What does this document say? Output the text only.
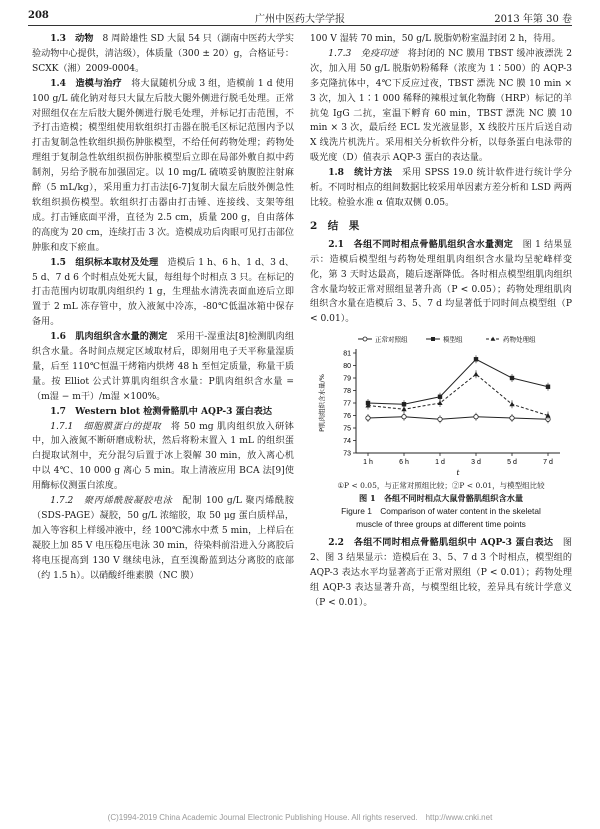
208	广州中医药大学学报	2013 年第 30 卷

1.3　动物　 8 周龄雄性 SD 大鼠 54 只（湖南中医药大学实验动物中心提供，清洁级），体质量（300 ± 20）g，合格证号：SCXK（湘）2009-0004。

1.4　造模与治疗　 将大鼠随机分成 3 组，造模前 1 d 使用 100 g/L 硫化钠对每只大鼠左后肢大腿外侧进行脱毛处理。正常对照组仅在左后肢大腿外侧进行脱毛处理，并标记打击范围，不予打击造模；模型组使用软组织打击器在脱毛区标记范围内予以打击复制急性软组织损伤肿胀模型，不给任何药物处理；药物处理组于复制急性软组织损伤肿胀模型后立即在局部外敷自拟中药制剂，另给予脱布加强固定。以 10 mg/L 硫喷妥钠腹腔注射麻醉（5 mL/kg），采用重力打击法[6-7]复制大鼠左后肢外侧急性软组织损伤模型。软组织打击器由打击锤、连接线、支架等组成。打击锤底面平滑，直径为 2.5 cm，质量 200 g，自由落体的高度为 20 cm，连续打击 3 次。造模成功后肉眼可见打击部位肿胀和皮下瘀血。

1.5　组织标本取材及处理　 造模后 1 h、6 h、1 d、3 d、5 d、7 d 6 个时相点处死大鼠，每组每个时相点 3 只。在标记的打击范围内切取肌肉组织约 1 g，生理盐水清洗表面血迹后立即置于 2 mL 冻存管中，放入液氮中冷冻，-80℃低温冰箱中保存备用。

1.6　肌肉组织含水量的测定　 采用干-湿重法[8]检测肌肉组织含水量。各时间点规定区域取材后，即刻用电子天平称量湿质量，后至 110℃恒温干烤箱内烘烤 48 h 至恒定质量，称量干质量。按 Elliot 公式计算肌肉组织含水量：P肌肉组织含水量 = （m湿 − m干）/m湿 ×100%。

1.7　Western blot 检测骨骼肌中 AQP-3 蛋白表达

1.7.1　细胞膜蛋白的提取　 将 50 mg 肌肉组织放入研钵中，加入液氮不断研磨成粉状，然后将粉末置入 1 mL 的组织蛋白提取试剂中，充分混匀后置于冰上裂解 30 min，放入离心机中以 4℃、10 000 g 离心 5 min。取上清液应用 BCA 法[9]使用酶标仪测蛋白浓度。

1.7.2　聚丙烯酰胺凝胶电泳　 配制 100 g/L 聚丙烯酰胺（SDS-PAGE）凝胶，50 g/L 浓缩胶，取 50 μg 蛋白质样品，加入等容积上样缓冲液中，经 100℃沸水中煮 5 min，上样后在凝胶上加 85 V 电压稳压电泳 30 min，待染料前沿进入分离胶后将电压提高到 130 V 继续电泳，直至溴酚蓝到达分离胶的底部（约 1.5 h）。以硝酸纤维素膜（NC 膜）

100 V 湿转 70 min，50 g/L 脱脂奶粉室温封闭 2 h，待用。

1.7.3　免疫印迹　 将封闭的 NC 膜用 TBST 缓冲液漂洗 2 次，加入用 50 g/L 脱脂奶粉稀释（浓度为 1∶500）的 AQP-3 多克隆抗体中，4℃下反应过夜，TBST 漂洗 NC 膜 10 min × 3 次，加入 1∶1 000 稀释的辣根过氧化物酶（HRP）标记的羊抗兔 IgG 二抗，室温下孵育 60 min，TBST 漂洗 NC 膜 10 min × 3 次，最后经 ECL 发光液显影，X 线胶片压片后送自动 X 线洗片机洗片。采用相关分析软件分析，以每条蛋白电泳带的吸光度（D）值表示 AQP-3 蛋白的表达量。

1.8　统计方法　 采用 SPSS 19.0 统计软件进行统计学分析。不同时相点的组间数据比较采用单因素方差分析和 LSD 两两比较。检验水准 α 值取双侧 0.05。

2　结　果

2.1　各组不同时相点骨骼肌组织含水量测定　 图 1 结果显示：造模后模型组与药物处理组肌肉组织含水量均呈驼峰样变化，第 3 天时达最高，随后逐渐降低。各时相点模型组肌肉组织含水量均较正常对照组显著升高（P < 0.05）；药物处理组肌肉组织含水量在造模后 3、5、7 d 均显著低于同时间点模型组（P < 0.01）。

73
74
75
76
77
78
79
80
81
1 h	6 h	1 d	3 d	5 d	7 d
t
P肌肉组织含水量/%
正常对照组	模型组	药物处理组
①P < 0.05，与正常对照组比较；②P < 0.01，与模型组比较
图 1　各组不同时相点大鼠骨骼肌组织含水量
Figure 1　Comparison of water content in the skeletal
muscle of three groups at different time points

2.2　各组不同时相点骨骼肌组织中 AQP-3 蛋白表达　 图 2、图 3 结果显示：造模后在 3、5、7 d 3 个时相点，模型组的 AQP-3 表达水平均显著高于正常对照组（P < 0.01）；药物处理组 AQP-3 表达显著升高，与模型组比较，差异具有统计学意义（P < 0.01）。

(C)1994-2019 China Academic Journal Electronic Publishing House. All rights reserved.　http://www.cnki.net
